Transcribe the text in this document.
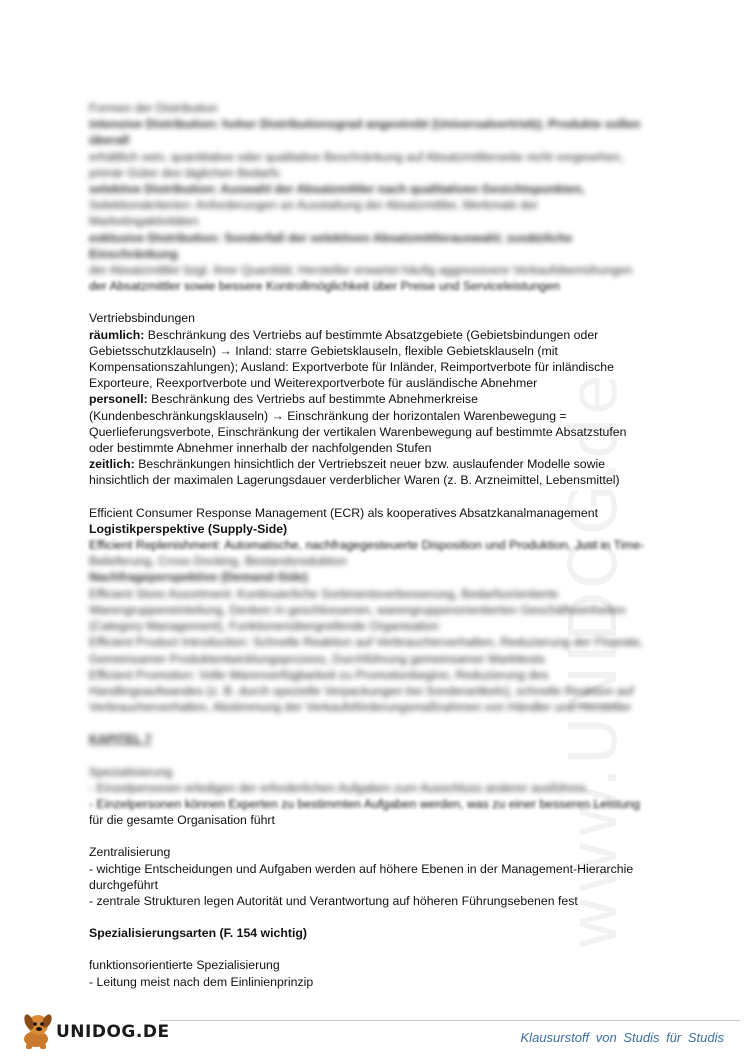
www.UNIDOG.de

Formen der Distribution

intensive Distribution: hoher Distributionsgrad angestrebt (Universalvertrieb); Produkte sollen überall

erhältlich sein, quantitative oder qualitative Beschränkung auf Absatzmittlerseite nicht vorgesehen,

primär Güter des täglichen Bedarfs

selektive Distribution: Auswahl der Absatzmittler nach qualitativen Gesichtspunkten,

Selektionskriterien: Anforderungen an Ausstattung der Absatzmittler, Merkmale der

Marketingaktivitäten

exklusive Distribution: Sonderfall der selektiven Absatzmittlerauswahl; zusätzliche Einschränkung

der Absatzmittler bzgl. ihrer Quantität; Hersteller erwartet häufig aggressivere Verkaufsbemühungen

der Absatzmittler sowie bessere Kontrollmöglichkeit über Preise und Serviceleistungen

Vertriebsbindungen

räumlich: Beschränkung des Vertriebs auf bestimmte Absatzgebiete (Gebietsbindungen oder

Gebietsschutzklauseln) → Inland: starre Gebietsklauseln, flexible Gebietsklauseln (mit

Kompensationszahlungen); Ausland: Exportverbote für Inländer, Reimportverbote für inländische

Exporteure, Reexportverbote und Weiterexportverbote für ausländische Abnehmer

personell: Beschränkung des Vertriebs auf bestimmte Abnehmerkreise

(Kundenbeschränkungsklauseln) → Einschränkung der horizontalen Warenbewegung =

Querlieferungsverbote, Einschränkung der vertikalen Warenbewegung auf bestimmte Absatzstufen

oder bestimmte Abnehmer innerhalb der nachfolgenden Stufen

zeitlich: Beschränkungen hinsichtlich der Vertriebszeit neuer bzw. auslaufender Modelle sowie

hinsichtlich der maximalen Lagerungsdauer verderblicher Waren (z. B. Arzneimittel, Lebensmittel)

Efficient Consumer Response Management (ECR) als kooperatives Absatzkanalmanagement

Logistikperspektive (Supply-Side)

Efficient Replenishment: Automatische, nachfragegesteuerte Disposition und Produktion, Just in Time-

Belieferung, Cross Docking, Bestandsreduktion

Nachfrageperspektive (Demand-Side)

Efficient Store Assortment: Kontinuierliche Sortimentsverbesserung, Bedarfsorientierte

Warengruppeneinteilung, Denken in geschlossenen, warengruppenorientierten Geschäftseinheiten

(Category Management), Funktionenübergreifende Organisation

Efficient Product Introduction: Schnelle Reaktion auf Verbraucherverhalten, Reduzierung der Floprate,

Gemeinsamer Produktentwicklungsprozess, Durchführung gemeinsamer Markttests

Efficient Promotion: Volle Warenverfügbarkeit zu Promotionbeginn, Reduzierung des

Handlingsaufwandes (z. B. durch spezielle Verpackungen bei Sonderartikeln), schnelle Reaktion auf

Verbraucherverhalten, Abstimmung der Verkaufsförderungsmaßnahmen von Händler und Hersteller

KAPITEL 7

Spezialisierung

- Einzelpersonen erledigen der erforderlichen Aufgaben zum Ausschluss anderer ausführen

- Einzelpersonen können Experten zu bestimmten Aufgaben werden, was zu einer besseren Leistung

für die gesamte Organisation führt

Zentralisierung

- wichtige Entscheidungen und Aufgaben werden auf höhere Ebenen in der Management-Hierarchie

durchgeführt

- zentrale Strukturen legen Autorität und Verantwortung auf höheren Führungsebenen fest

Spezialisierungsarten (F. 154 wichtig)

funktionsorientierte Spezialisierung

- Leitung meist nach dem Einlinienprinzip

UNIDOG.DE	Klausurstoff von Studis für Studis
